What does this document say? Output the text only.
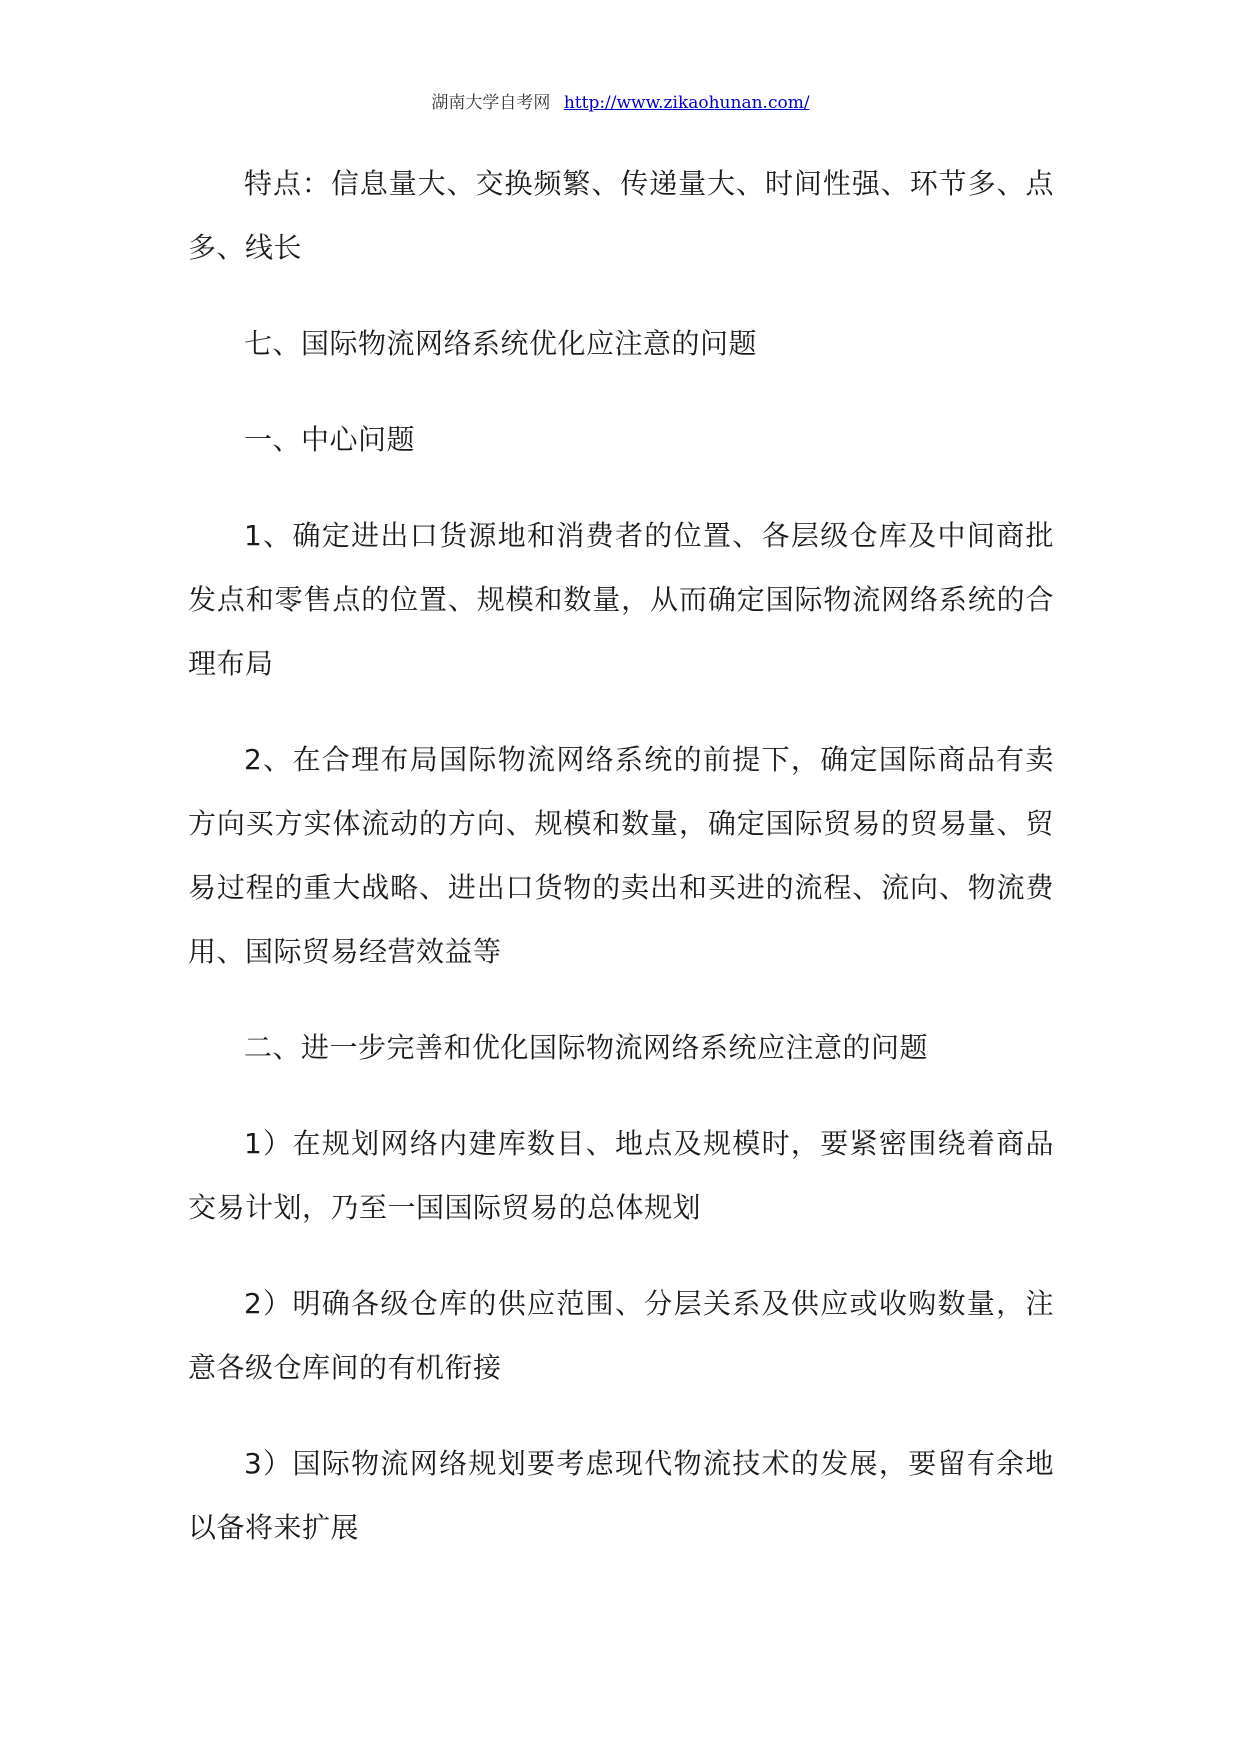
湖南大学自考网 http://www.zikaohunan.com/

特点：信息量大、交换频繁、传递量大、时间性强、环节多、点多、线长

七、国际物流网络系统优化应注意的问题

一、中心问题

1、确定进出口货源地和消费者的位置、各层级仓库及中间商批发点和零售点的位置、规模和数量，从而确定国际物流网络系统的合理布局

2、在合理布局国际物流网络系统的前提下，确定国际商品有卖方向买方实体流动的方向、规模和数量，确定国际贸易的贸易量、贸易过程的重大战略、进出口货物的卖出和买进的流程、流向、物流费用、国际贸易经营效益等

二、进一步完善和优化国际物流网络系统应注意的问题

1）在规划网络内建库数目、地点及规模时，要紧密围绕着商品交易计划，乃至一国国际贸易的总体规划

2）明确各级仓库的供应范围、分层关系及供应或收购数量，注意各级仓库间的有机衔接

3）国际物流网络规划要考虑现代物流技术的发展，要留有余地以备将来扩展
